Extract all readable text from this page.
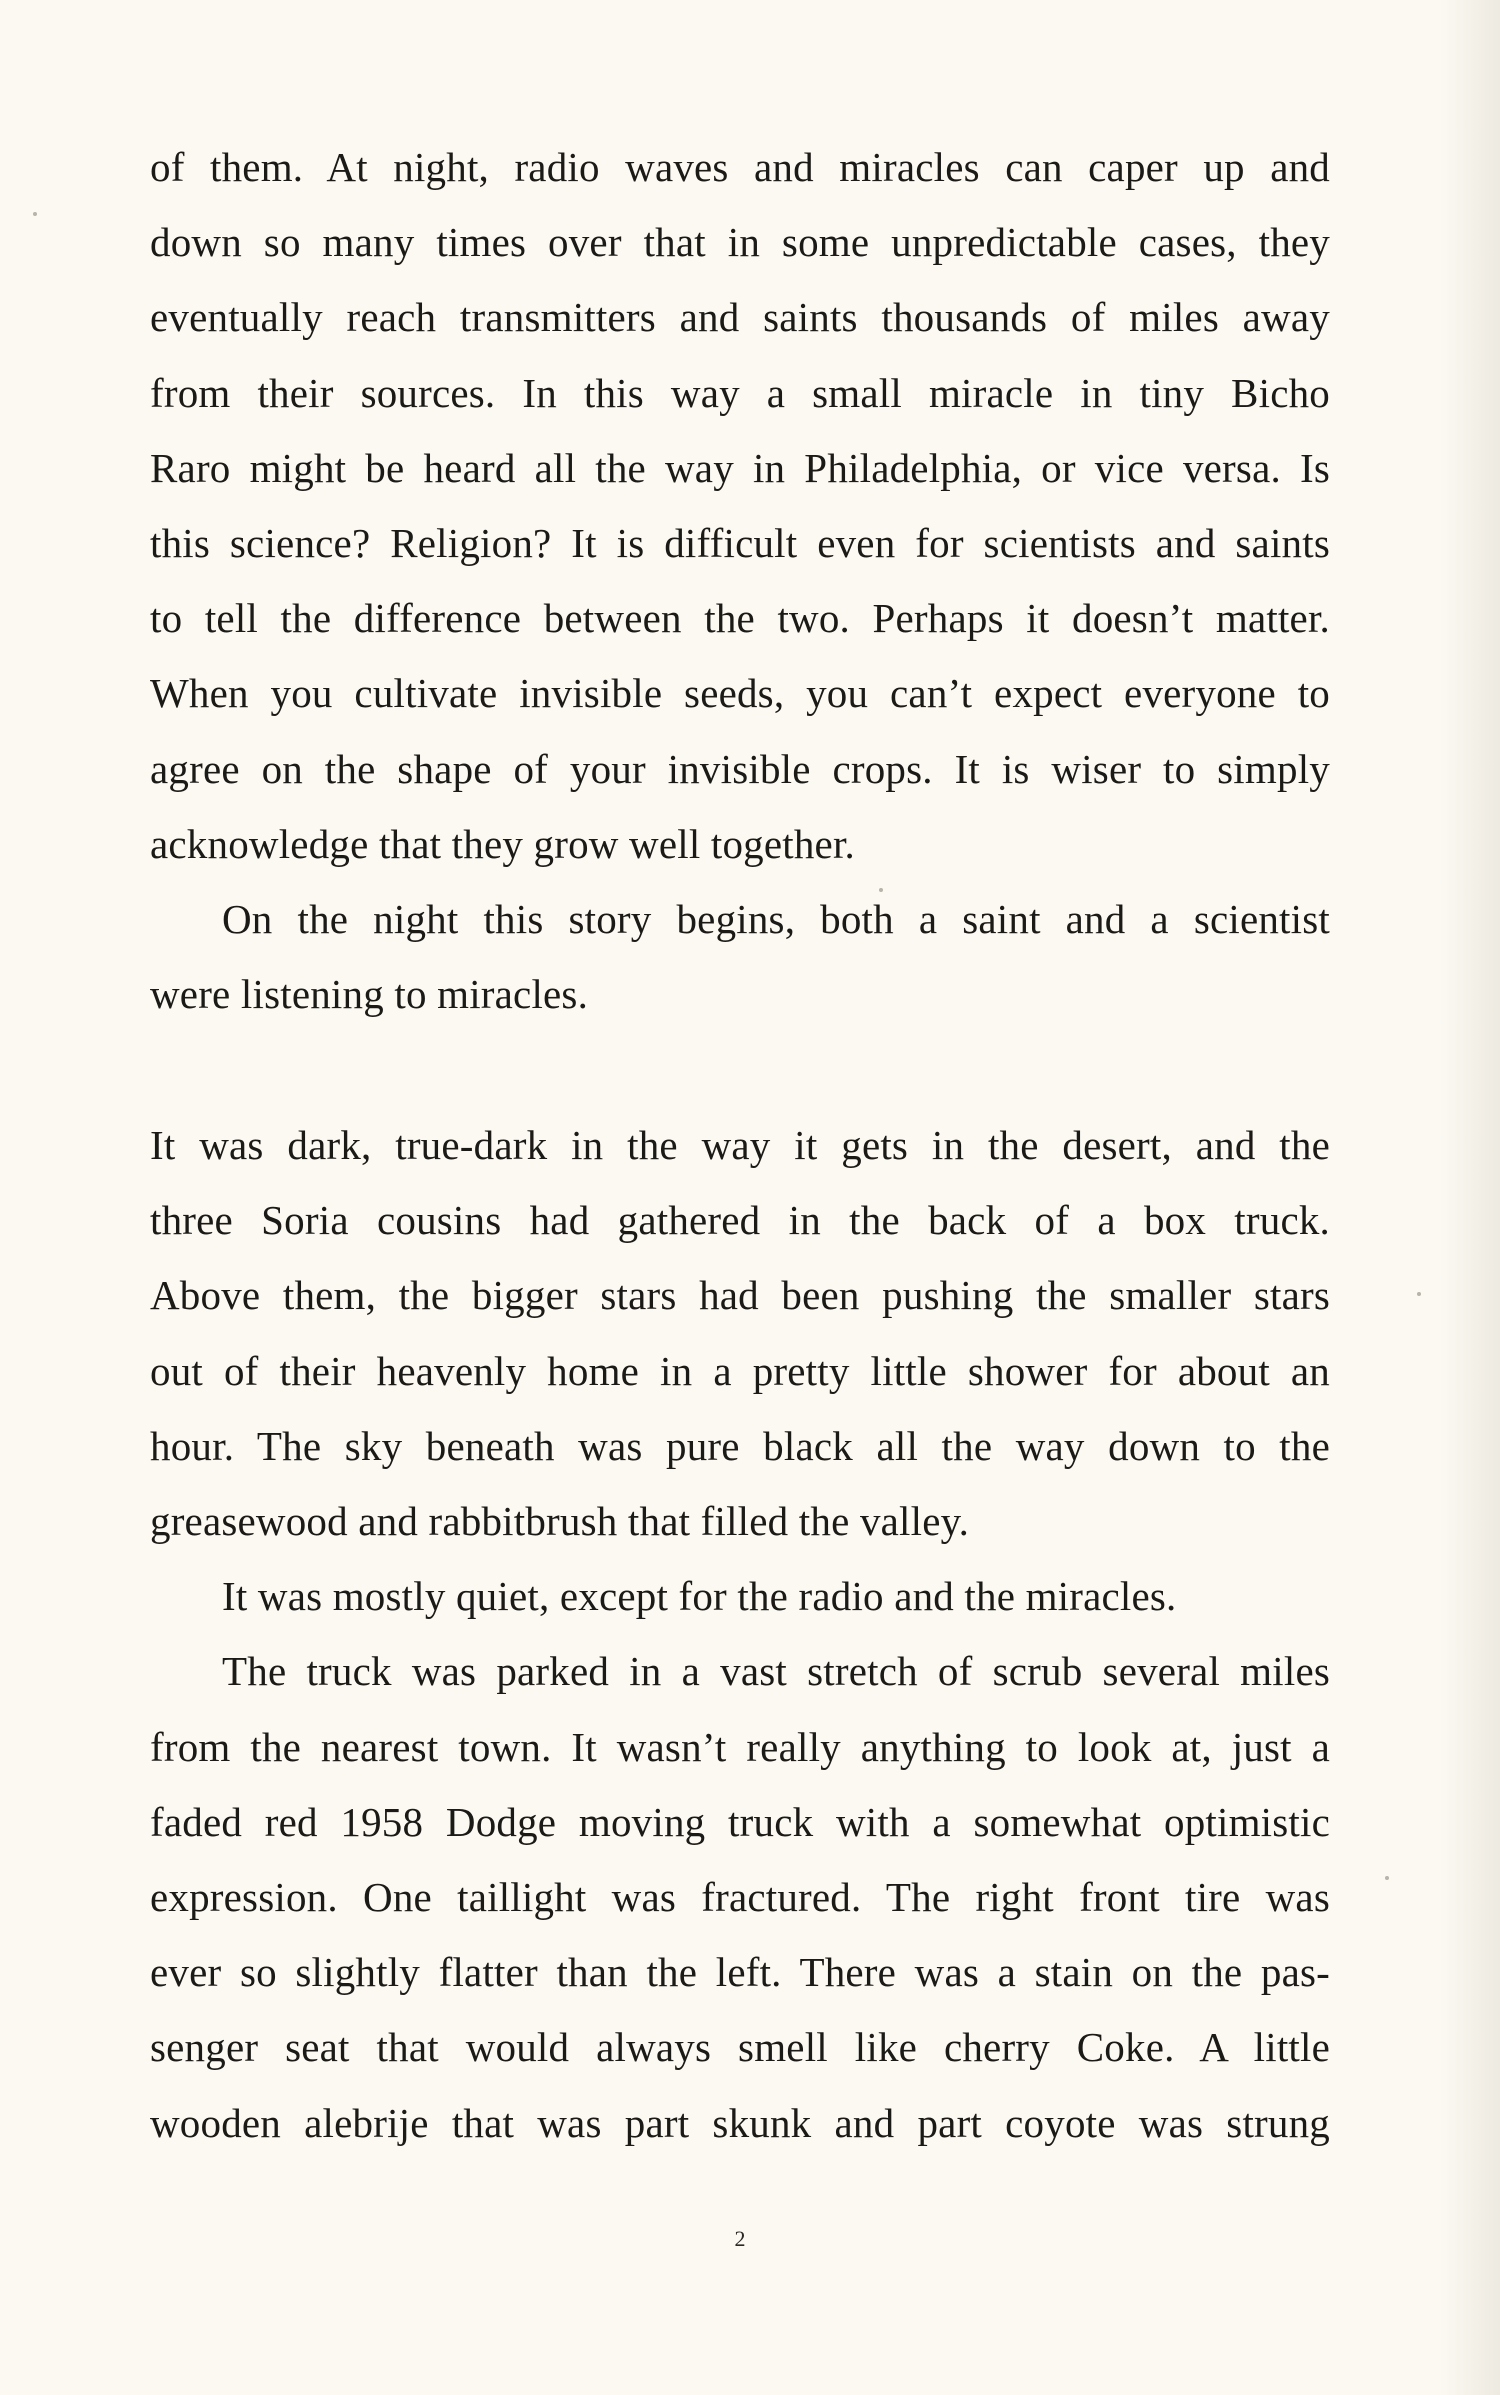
of them. At night, radio waves and miracles can caper up and
down so many times over that in some unpredictable cases, they
eventually reach transmitters and saints thousands of miles away
from their sources. In this way a small miracle in tiny Bicho
Raro might be heard all the way in Philadelphia, or vice versa. Is
this science? Religion? It is difficult even for scientists and saints
to tell the difference between the two. Perhaps it doesn’t matter.
When you cultivate invisible seeds, you can’t expect everyone to
agree on the shape of your invisible crops. It is wiser to simply
acknowledge that they grow well together.
On the night this story begins, both a saint and a scientist
were listening to miracles.
It was dark, true-dark in the way it gets in the desert, and the
three Soria cousins had gathered in the back of a box truck.
Above them, the bigger stars had been pushing the smaller stars
out of their heavenly home in a pretty little shower for about an
hour. The sky beneath was pure black all the way down to the
greasewood and rabbitbrush that filled the valley.
It was mostly quiet, except for the radio and the miracles.
The truck was parked in a vast stretch of scrub several miles
from the nearest town. It wasn’t really anything to look at, just a
faded red 1958 Dodge moving truck with a somewhat optimistic
expression. One taillight was fractured. The right front tire was
ever so slightly flatter than the left. There was a stain on the pas-
senger seat that would always smell like cherry Coke. A little
wooden alebrije that was part skunk and part coyote was strung
2
